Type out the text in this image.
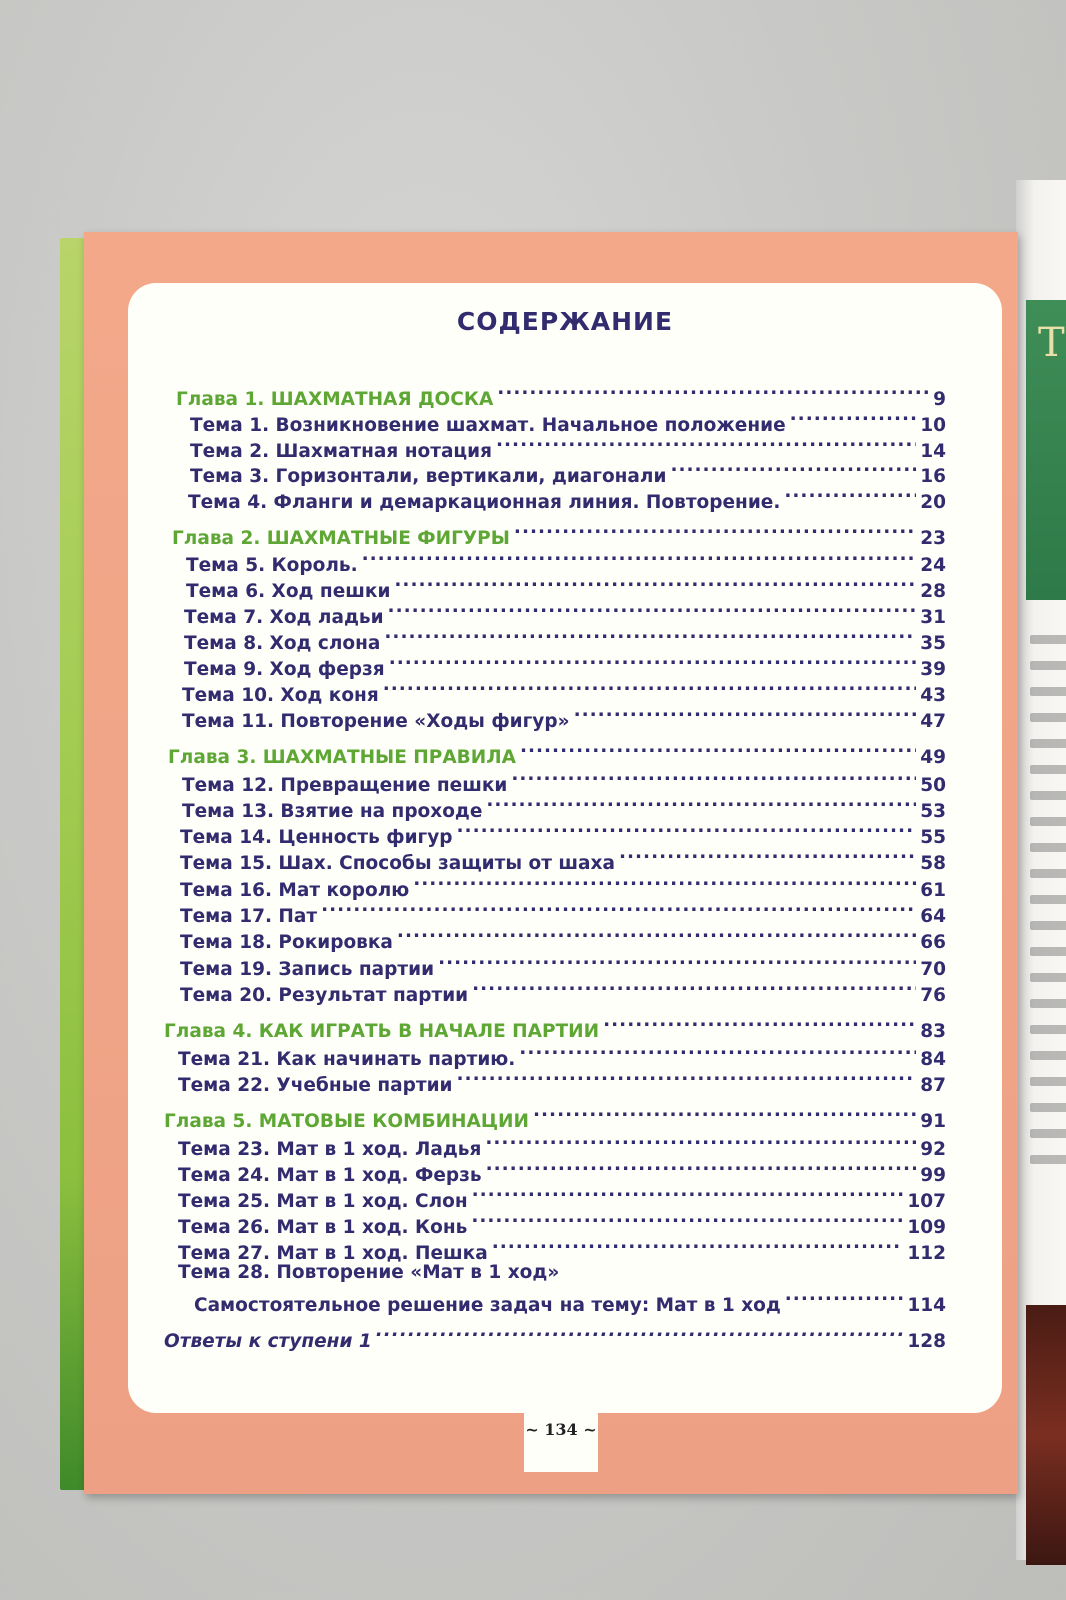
Т
СОДЕРЖАНИЕ
Глава 1. ШАХМАТНАЯ ДОСКА .....	9
Тема 1. Возникновение шахмат. Начальное положение .....	10
Тема 2. Шахматная нотация .....	14
Тема 3. Горизонтали, вертикали, диагонали .....	16
Тема 4. Фланги и демаркационная линия. Повторение. .....	20
Глава 2. ШАХМАТНЫЕ ФИГУРЫ .....	23
Тема 5. Король. .....	24
Тема 6. Ход пешки .....	28
Тема 7. Ход ладьи .....	31
Тема 8. Ход слона .....	35
Тема 9. Ход ферзя .....	39
Тема 10. Ход коня .....	43
Тема 11. Повторение «Ходы фигур» .....	47
Глава 3. ШАХМАТНЫЕ ПРАВИЛА .....	49
Тема 12. Превращение пешки .....	50
Тема 13. Взятие на проходе .....	53
Тема 14. Ценность фигур .....	55
Тема 15. Шах. Способы защиты от шаха .....	58
Тема 16. Мат королю .....	61
Тема 17. Пат .....	64
Тема 18. Рокировка .....	66
Тема 19. Запись партии .....	70
Тема 20. Результат партии .....	76
Глава 4. КАК ИГРАТЬ В НАЧАЛЕ ПАРТИИ .....	83
Тема 21. Как начинать партию. .....	84
Тема 22. Учебные партии .....	87
Глава 5. МАТОВЫЕ КОМБИНАЦИИ .....	91
Тема 23. Мат в 1 ход. Ладья .....	92
Тема 24. Мат в 1 ход. Ферзь .....	99
Тема 25. Мат в 1 ход. Слон .....	107
Тема 26. Мат в 1 ход. Конь .....	109
Тема 27. Мат в 1 ход. Пешка .....	112
Тема 28. Повторение «Мат в 1 ход»
Самостоятельное решение задач на тему: Мат в 1 ход .....	114
Ответы к ступени 1 .....	128
~ 134 ~
